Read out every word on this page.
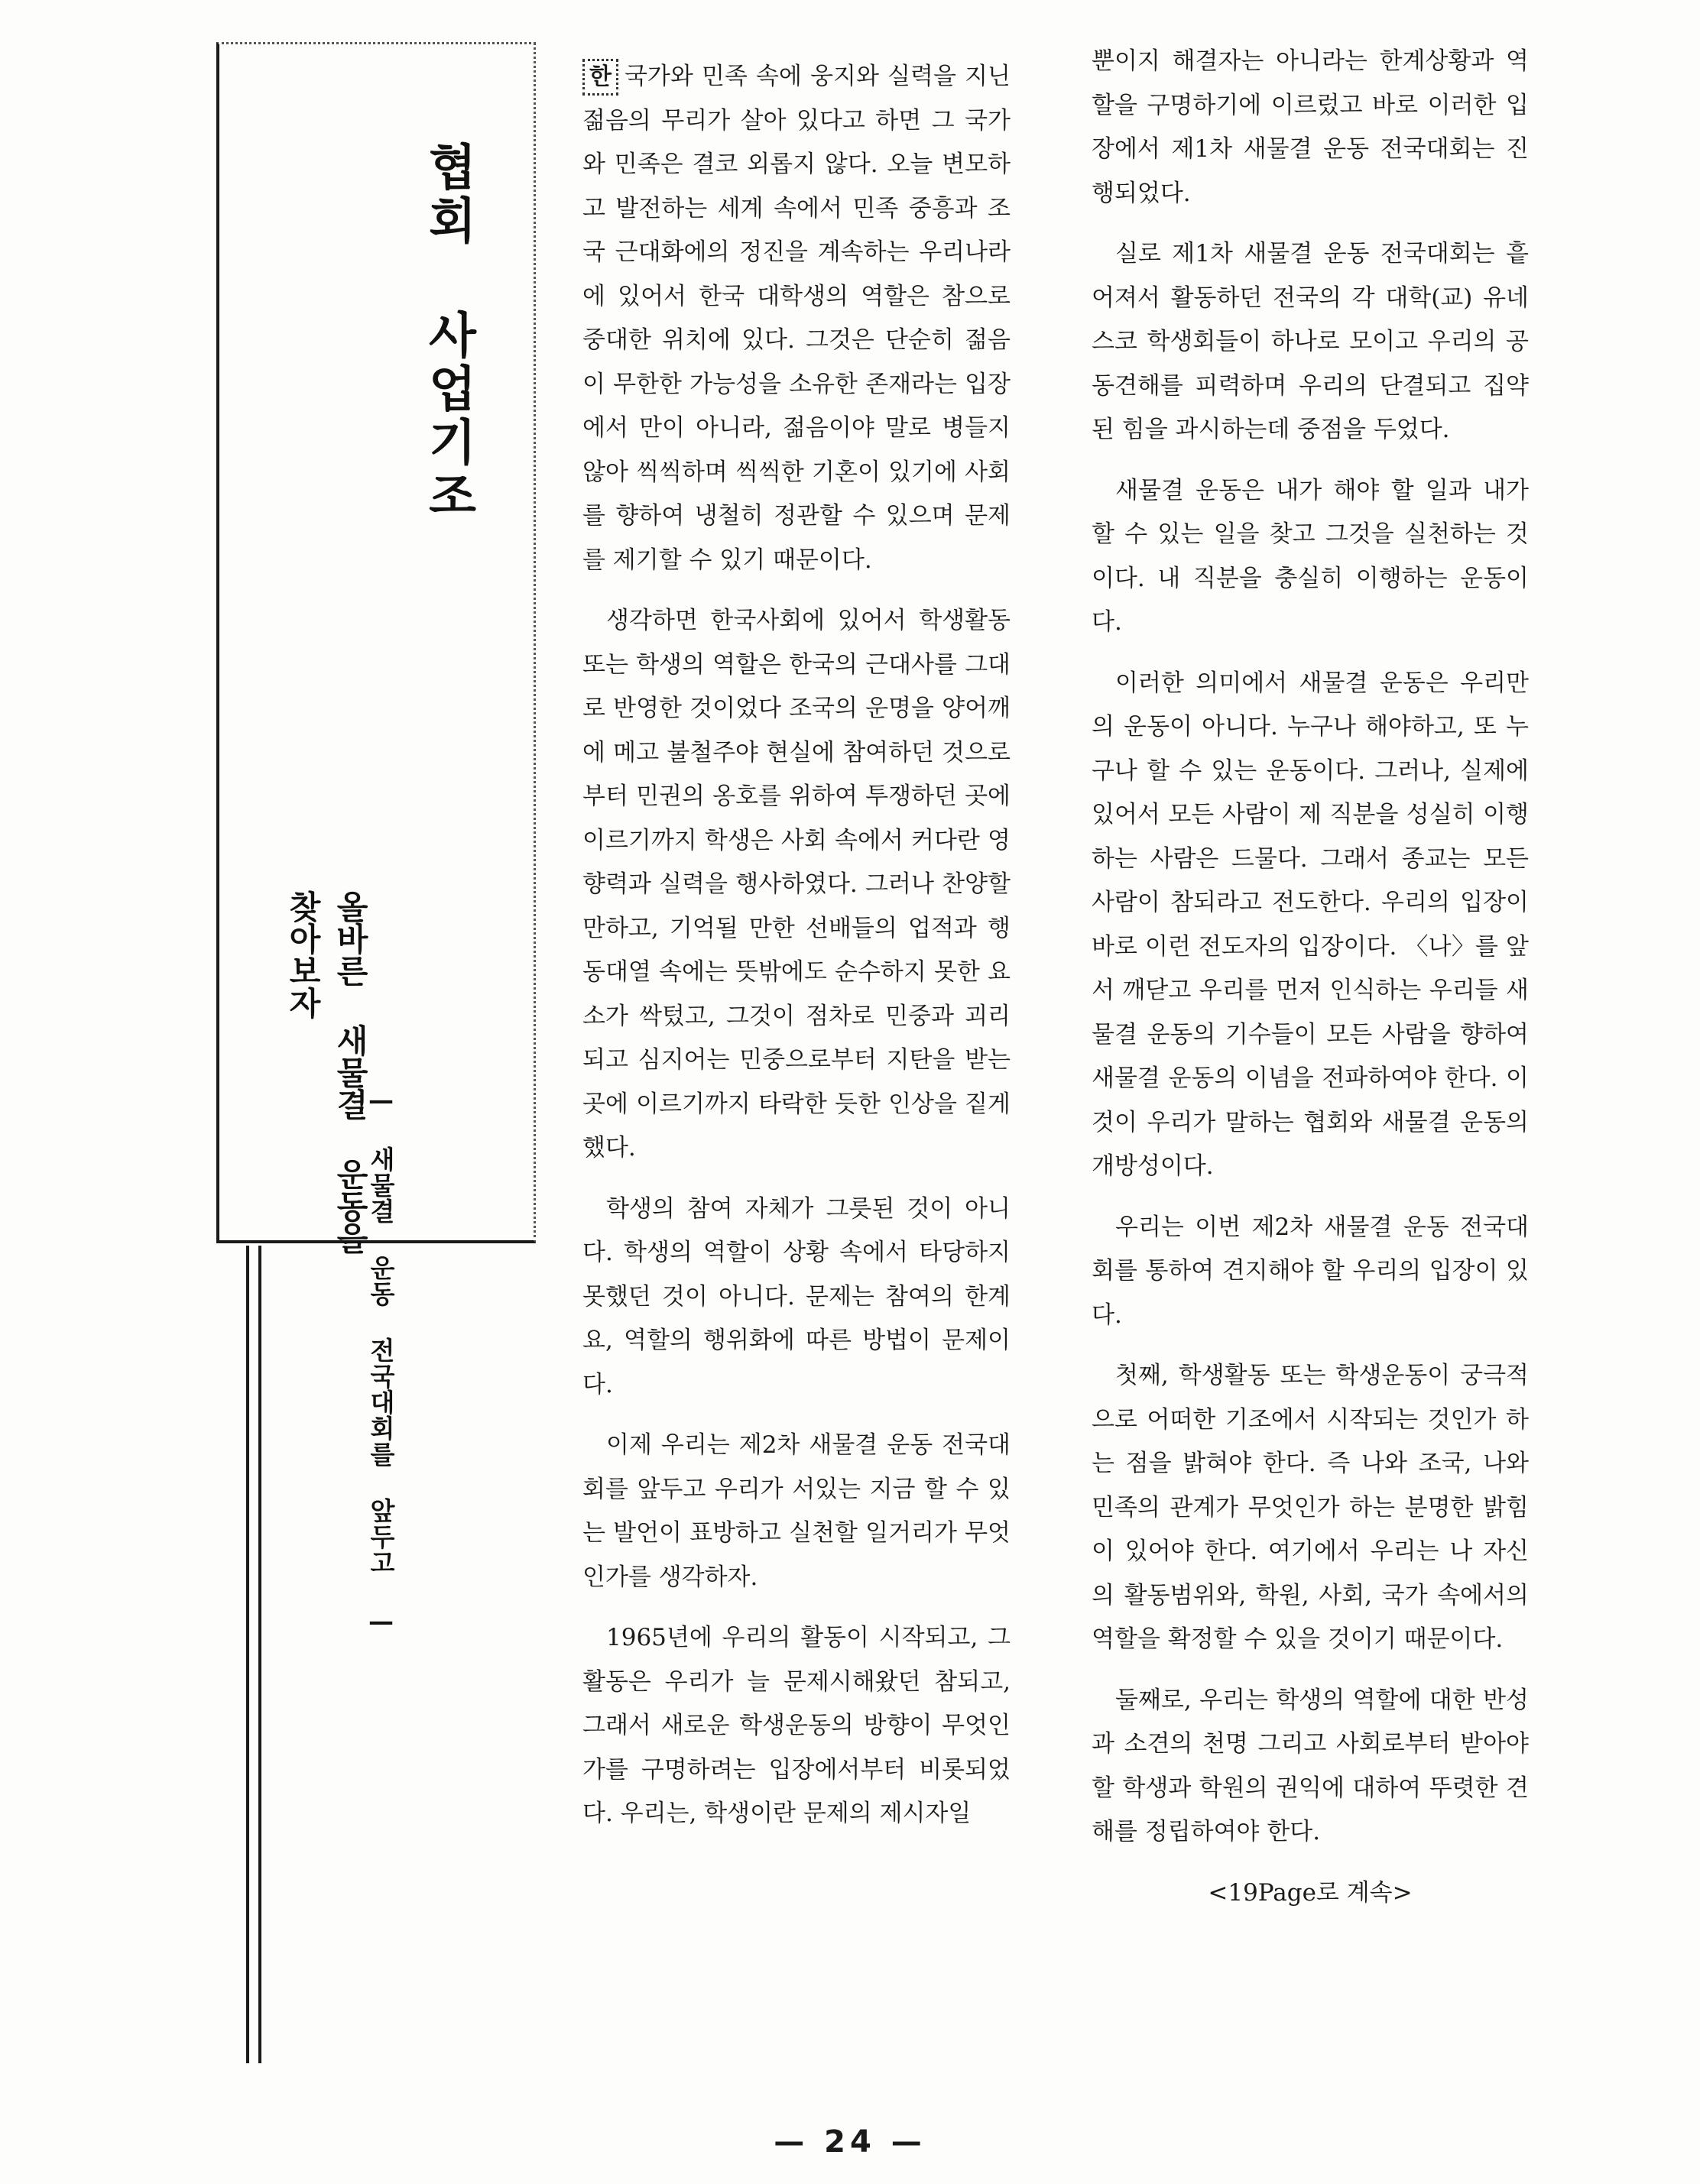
협회 사업기조
올바른 새물결 운동을
찾아보자
— 새물결 운동 전국대회를 앞두고 —

한 국가와 민족 속에 웅지와 실력을 지닌 젊음의 무리가 살아 있다고 하면 그 국가와 민족은 결코 외롭지 않다. 오늘 변모하고 발전하는 세계 속에서 민족 중흥과 조국 근대화에의 정진을 계속하는 우리나라에 있어서 한국 대학생의 역할은 참으로 중대한 위치에 있다. 그것은 단순히 젊음이 무한한 가능성을 소유한 존재라는 입장에서 만이 아니라, 젊음이야 말로 병들지 않아 씩씩하며 씩씩한 기혼이 있기에 사회를 향하여 냉철히 정관할 수 있으며 문제를 제기할 수 있기 때문이다.

생각하면 한국사회에 있어서 학생활동 또는 학생의 역할은 한국의 근대사를 그대로 반영한 것이었다 조국의 운명을 양어깨에 메고 불철주야 현실에 참여하던 것으로부터 민권의 옹호를 위하여 투쟁하던 곳에 이르기까지 학생은 사회 속에서 커다란 영향력과 실력을 행사하였다. 그러나 찬양할 만하고, 기억될 만한 선배들의 업적과 행동대열 속에는 뜻밖에도 순수하지 못한 요소가 싹텄고, 그것이 점차로 민중과 괴리되고 심지어는 민중으로부터 지탄을 받는 곳에 이르기까지 타락한 듯한 인상을 짙게 했다.

학생의 참여 자체가 그릇된 것이 아니다. 학생의 역할이 상황 속에서 타당하지 못했던 것이 아니다. 문제는 참여의 한계요, 역할의 행위화에 따른 방법이 문제이다.

이제 우리는 제2차 새물결 운동 전국대회를 앞두고 우리가 서있는 지금 할 수 있는 발언이 표방하고 실천할 일거리가 무엇인가를 생각하자.

1965년에 우리의 활동이 시작되고, 그 활동은 우리가 늘 문제시해왔던 참되고, 그래서 새로운 학생운동의 방향이 무엇인가를 구명하려는 입장에서부터 비롯되었다. 우리는, 학생이란 문제의 제시자일

뿐이지 해결자는 아니라는 한계상황과 역할을 구명하기에 이르렀고 바로 이러한 입장에서 제1차 새물결 운동 전국대회는 진행되었다.

실로 제1차 새물결 운동 전국대회는 흩어져서 활동하던 전국의 각 대학(교) 유네스코 학생회들이 하나로 모이고 우리의 공동견해를 피력하며 우리의 단결되고 집약된 힘을 과시하는데 중점을 두었다.

새물결 운동은 내가 해야 할 일과 내가 할 수 있는 일을 찾고 그것을 실천하는 것이다. 내 직분을 충실히 이행하는 운동이다.

이러한 의미에서 새물결 운동은 우리만의 운동이 아니다. 누구나 해야하고, 또 누구나 할 수 있는 운동이다. 그러나, 실제에 있어서 모든 사람이 제 직분을 성실히 이행하는 사람은 드물다. 그래서 종교는 모든 사람이 참되라고 전도한다. 우리의 입장이 바로 이런 전도자의 입장이다. 〈나〉를 앞서 깨닫고 우리를 먼저 인식하는 우리들 새물결 운동의 기수들이 모든 사람을 향하여 새물결 운동의 이념을 전파하여야 한다. 이것이 우리가 말하는 협회와 새물결 운동의 개방성이다.

우리는 이번 제2차 새물결 운동 전국대회를 통하여 견지해야 할 우리의 입장이 있다.

첫째, 학생활동 또는 학생운동이 궁극적으로 어떠한 기조에서 시작되는 것인가 하는 점을 밝혀야 한다. 즉 나와 조국, 나와 민족의 관계가 무엇인가 하는 분명한 밝힘이 있어야 한다. 여기에서 우리는 나 자신의 활동범위와, 학원, 사회, 국가 속에서의 역할을 확정할 수 있을 것이기 때문이다.

둘째로, 우리는 학생의 역할에 대한 반성과 소견의 천명 그리고 사회로부터 받아야할 학생과 학원의 권익에 대하여 뚜렷한 견해를 정립하여야 한다.

<19Page로 계속>
— 24 —
